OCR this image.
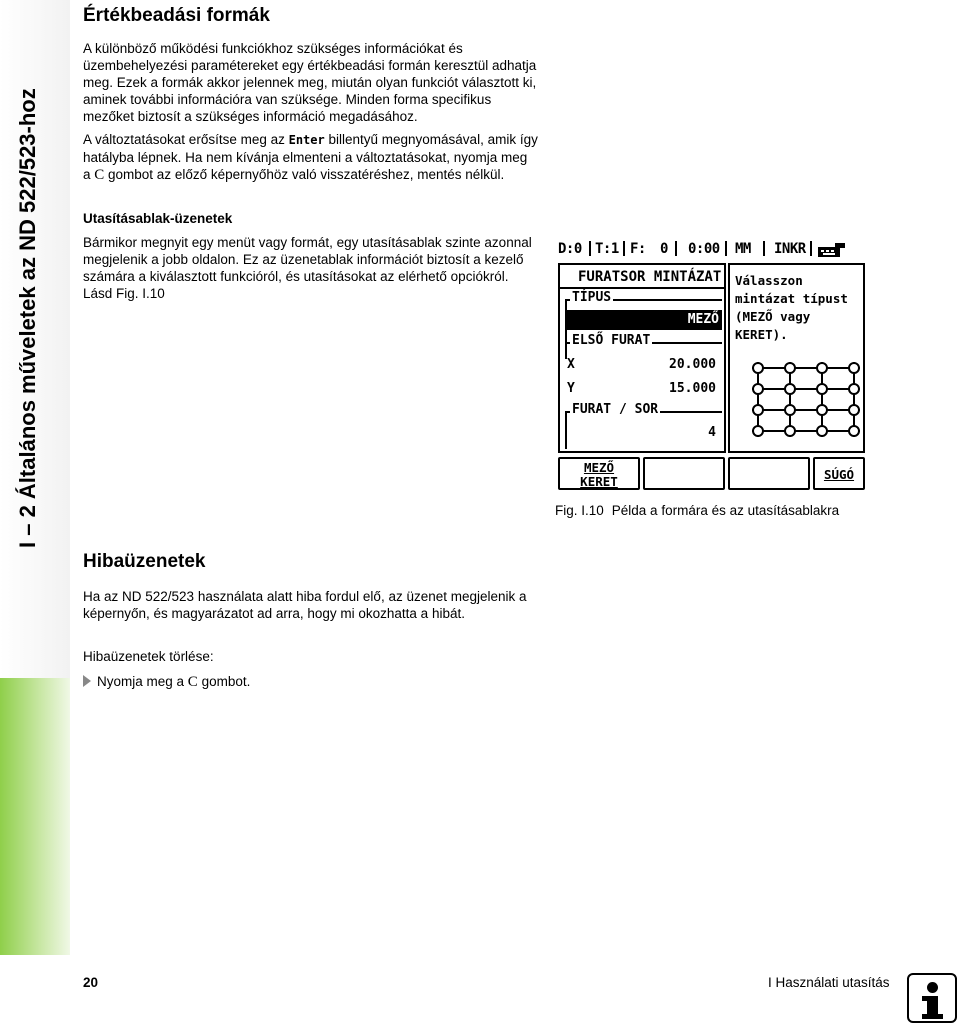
I – 2 Általános műveletek az ND 522/523-hoz
Értékbeadási formák
A különböző működési funkciókhoz szükséges információkat és üzembehelyezési paramétereket egy értékbeadási formán keresztül adhatja meg. Ezek a formák akkor jelennek meg, miután olyan funkciót választott ki, aminek további információra van szüksége. Minden forma specifikus mezőket biztosít a szükséges információ megadásához.
A változtatásokat erősítse meg az Enter billentyű megnyomásával, amik így hatályba lépnek. Ha nem kívánja elmenteni a változtatásokat, nyomja meg a C gombot az előző képernyőhöz való visszatéréshez, mentés nélkül.
Utasításablak-üzenetek
Bármikor megnyit egy menüt vagy formát, egy utasításablak szinte azonnal megjelenik a jobb oldalon. Ez az üzenetablak információt biztosít a kezelő számára a kiválasztott funkcióról, és utasításokat az elérhető opciókról. Lásd Fig. I.10
Hibaüzenetek
Ha az ND 522/523 használata alatt hiba fordul elő, az üzenet megjelenik a képernyőn, és magyarázatot ad arra, hogy mi okozhatta a hibát.
Hibaüzenetek törlése:
Nyomja meg a C gombot.
D:0 T:1 F: 0 0:00 MM INKR
FURATSOR MINTÁZAT
TÍPUS
MEZŐ
ELSŐ FURAT
X	20.000
Y	15.000
FURAT / SOR
4
Válasszon mintázat típust (MEZŐ vagy KERET).
MEZŐ
KERET	SÚGÓ
Fig. I.10 Példa a formára és az utasításablakra
20	I Használati utasítás
